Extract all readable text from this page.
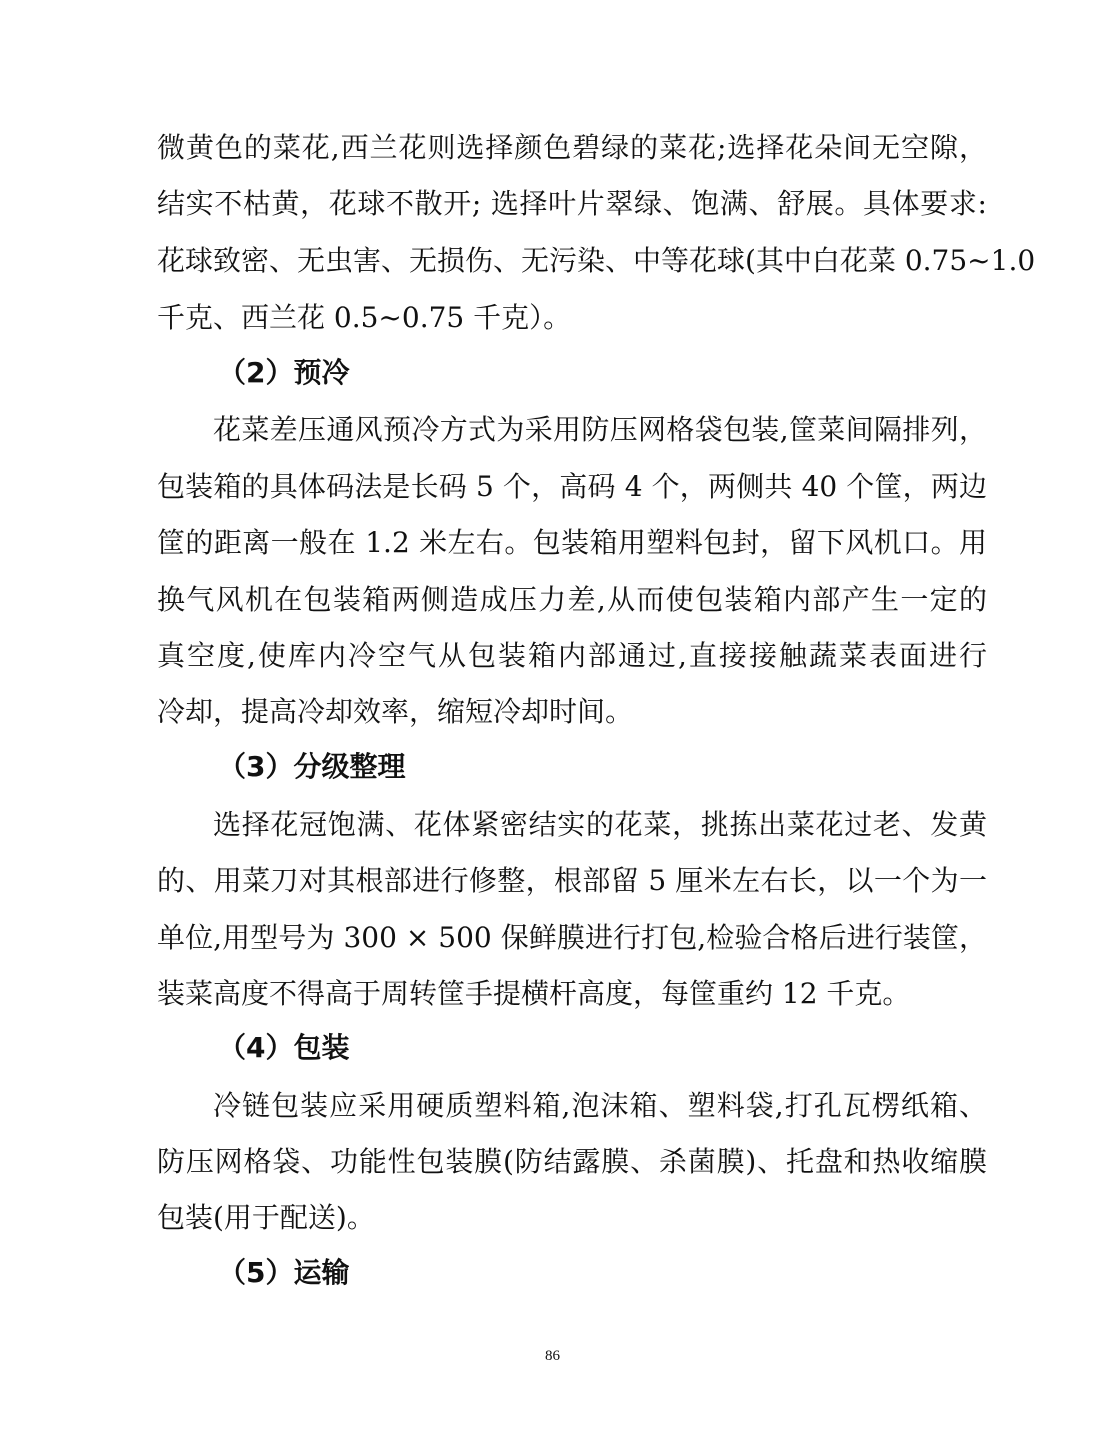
微黄色的菜花,西兰花则选择颜色碧绿的菜花;选择花朵间无空隙，
结实不枯黄，花球不散开; 选择叶片翠绿、饱满、舒展。具体要求:
花球致密、无虫害、无损伤、无污染、中等花球(其中白花菜 0.75~1.0
千克、西兰花 0.5~0.75 千克）。
（2）预冷
花菜差压通风预冷方式为采用防压网格袋包装,筐菜间隔排列，
包装箱的具体码法是长码 5 个，高码 4 个，两侧共 40 个筐，两边
筐的距离一般在 1.2 米左右。包装箱用塑料包封，留下风机口。用
换气风机在包装箱两侧造成压力差,从而使包装箱内部产生一定的
真空度,使库内冷空气从包装箱内部通过,直接接触蔬菜表面进行
冷却，提高冷却效率，缩短冷却时间。
（3）分级整理
选择花冠饱满、花体紧密结实的花菜，挑拣出菜花过老、发黄
的、用菜刀对其根部进行修整，根部留 5 厘米左右长，以一个为一
单位,用型号为 300 × 500 保鲜膜进行打包,检验合格后进行装筐，
装菜高度不得高于周转筐手提横杆高度，每筐重约 12 千克。
（4）包装
冷链包装应采用硬质塑料箱,泡沫箱、塑料袋,打孔瓦楞纸箱、
防压网格袋、功能性包装膜(防结露膜、杀菌膜)、托盘和热收缩膜
包装(用于配送)。
（5）运输
86
